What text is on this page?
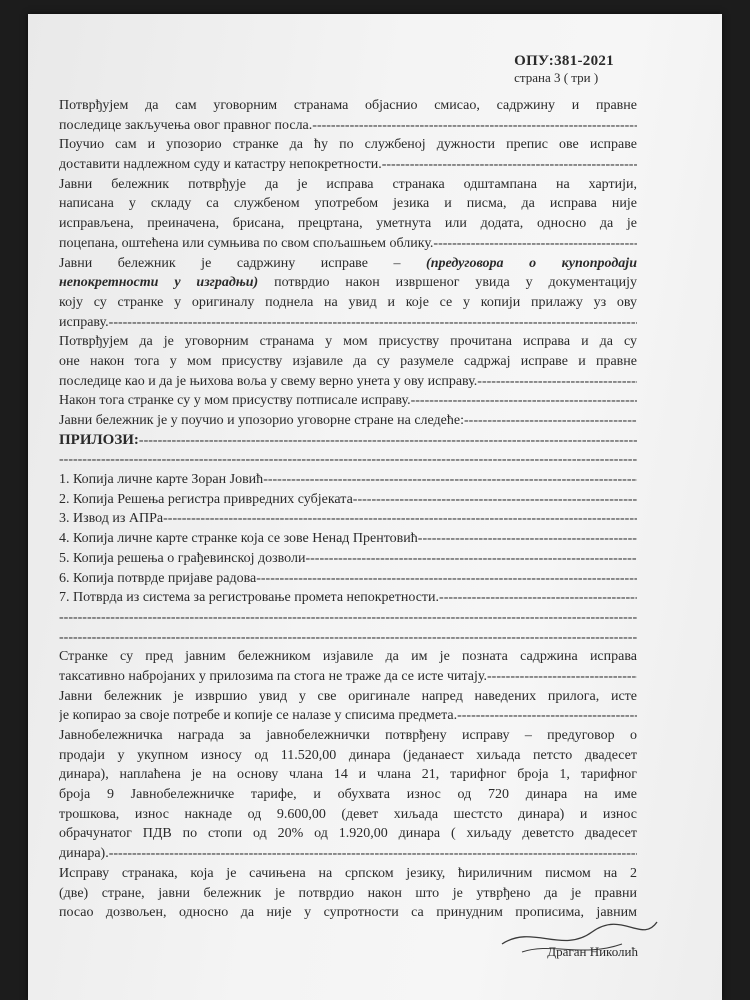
ОПУ:381-2021
страна 3 ( три )
Потврђујем да сам уговорним странама објаснио смисао, садржину и правне
последице закључења овог правног посла. -----
Поучио сам и упозорио странке да ћу по службеној дужности препис ове исправе
доставити надлежном суду и катастру непокретности. -----
Јавни бележник потврђује да је исправа странака одштампана на хартији,
написана у складу са службеном употребом језика и писма, да исправа није
исправљена, преиначена, брисана, прецртана, уметнута или додата, односно да је
поцепана, оштећена или сумњива по свом спољашњем облику. -----
Јавни бележник је садржину исправе – (предуговора о купопродаји
непокретности у изградњи) потврдио након извршеног увида у документацију
коју су странке у оригиналу поднела на увид и које се у копији прилажу уз ову
исправу. -----
Потврђујем да је уговорним странама у мом присуству прочитана исправа и да су
оне након тога у мом присуству изјавиле да су разумеле садржај исправе и правне
последице као и да је њихова воља у свему верно унета у ову исправу. -----
Након тога странке су у мом присуству потписале исправу. -----
Јавни бележник је у поучио и упозорио уговорне стране на следеће: -----
ПРИЛОЗИ: -----
-----
1. Копија личне карте Зоран Јовић -----
2. Копија Решења регистра привредних субјеката -----
3. Извод из АПРа -----
4. Копија личне карте странке која се зове Ненад Прентовић -----
5. Копија решења о грађевинској дозволи -----
6. Копија потврде пријаве радова -----
7. Потврда из система за регистровање промета непокретности. -----
-----
-----
Странке су пред јавним бележником изјавиле да им је позната садржина исправа
таксативно набројаних у прилозима па стога не траже да се исте читају. -----
Јавни бележник је извршио увид у све оригинале напред наведених прилога, исте
је копирао за своје потребе и копије се налазе у списима предмета. -----
Јавнобележничка награда за јавнобележнички потврђену исправу – предуговор о
продаји у укупном износу од 11.520,00 динара (једанаест хиљада петсто двадесет
динара), наплаћена је на основу члана 14 и члана 21, тарифног броја 1, тарифног
броја 9 Јавнобележничке тарифе, и обухвата износ од 720 динара на име
трошкова, износ накнаде од 9.600,00 (девет хиљада шестсто динара) и износ
обрачунатог ПДВ по стопи од 20% од 1.920,00 динара ( хиљаду деветсто двадесет
динара). -----
Исправу странака, која је сачињена на српском језику, ћириличним писмом на 2
(две) стране, јавни бележник је потврдио након што је утврђено да је правни
посао дозвољен, односно да није у супротности са принудним прописима, јавним
Драган Николић
